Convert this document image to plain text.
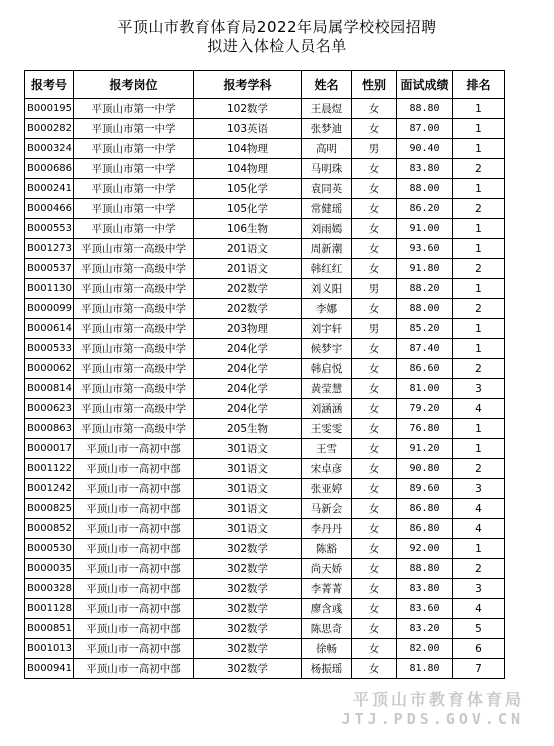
平顶山市教育体育局2022年局属学校校园招聘
拟进入体检人员名单
报考号	报考岗位	报考学科	姓名	性别	面试成绩	排名
B000195	平顶山市第一中学	102数学	王晨煜	女	88.80	1
B000282	平顶山市第一中学	103英语	张梦迪	女	87.00	1
B000324	平顶山市第一中学	104物理	高明	男	90.40	1
B000686	平顶山市第一中学	104物理	马明珠	女	83.80	2
B000241	平顶山市第一中学	105化学	袁同英	女	88.00	1
B000466	平顶山市第一中学	105化学	常健瑶	女	86.20	2
B000553	平顶山市第一中学	106生物	刘雨嫣	女	91.00	1
B001273	平顶山市第一高级中学	201语文	周新潮	女	93.60	1
B000537	平顶山市第一高级中学	201语文	韩红红	女	91.80	2
B001130	平顶山市第一高级中学	202数学	刘义阳	男	88.20	1
B000099	平顶山市第一高级中学	202数学	李娜	女	88.00	2
B000614	平顶山市第一高级中学	203物理	刘宇轩	男	85.20	1
B000533	平顶山市第一高级中学	204化学	候梦宇	女	87.40	1
B000062	平顶山市第一高级中学	204化学	韩启悦	女	86.60	2
B000814	平顶山市第一高级中学	204化学	黄莹慧	女	81.00	3
B000623	平顶山市第一高级中学	204化学	刘涵涵	女	79.20	4
B000863	平顶山市第一高级中学	205生物	王雯雯	女	76.80	1
B000017	平顶山市一高初中部	301语文	王雪	女	91.20	1
B001122	平顶山市一高初中部	301语文	宋卓彦	女	90.80	2
B001242	平顶山市一高初中部	301语文	张亚婷	女	89.60	3
B000825	平顶山市一高初中部	301语文	马新会	女	86.80	4
B000852	平顶山市一高初中部	301语文	李丹丹	女	86.80	4
B000530	平顶山市一高初中部	302数学	陈豁	女	92.00	1
B000035	平顶山市一高初中部	302数学	尚天娇	女	88.80	2
B000328	平顶山市一高初中部	302数学	李菁菁	女	83.80	3
B001128	平顶山市一高初中部	302数学	廖含彧	女	83.60	4
B000851	平顶山市一高初中部	302数学	陈思奇	女	83.20	5
B001013	平顶山市一高初中部	302数学	徐畅	女	82.00	6
B000941	平顶山市一高初中部	302数学	杨振瑶	女	81.80	7
平顶山市教育体育局
JTJ.PDS.GOV.CN
